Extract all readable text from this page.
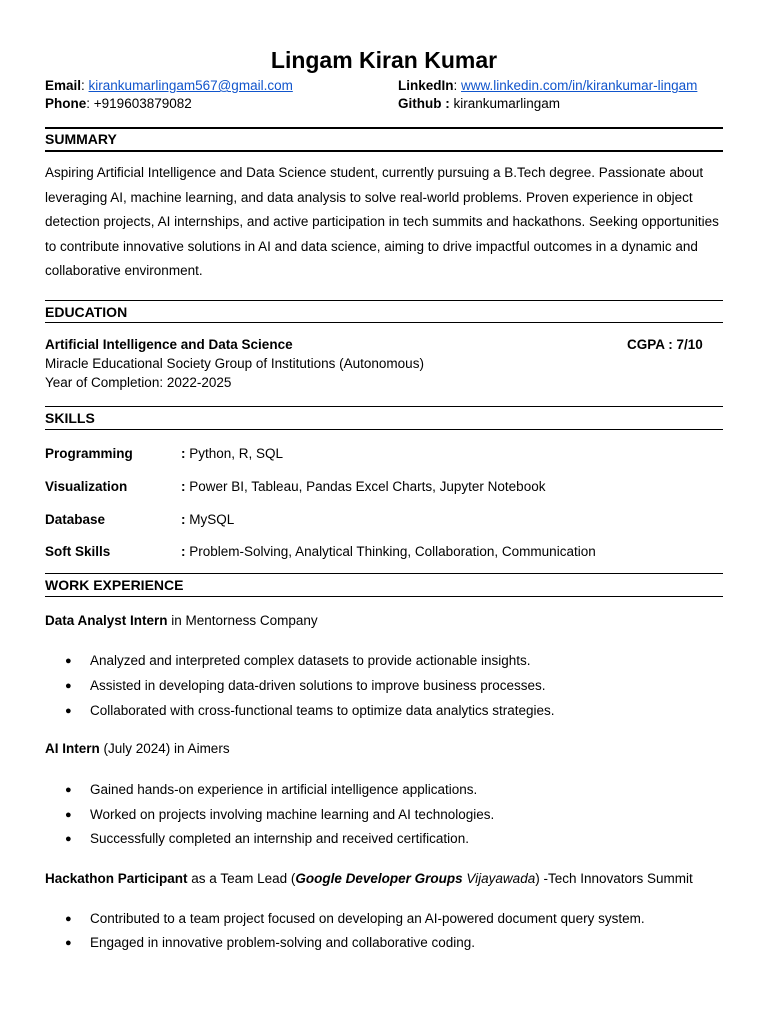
Lingam Kiran Kumar
Email: kirankumarlingam567@gmail.com
Phone: +919603879082
LinkedIn: www.linkedin.com/in/kirankumar-lingam
Github : kirankumarlingam
SUMMARY
Aspiring Artificial Intelligence and Data Science student, currently pursuing a B.Tech degree. Passionate about leveraging AI, machine learning, and data analysis to solve real-world problems. Proven experience in object detection projects, AI internships, and active participation in tech summits and hackathons. Seeking opportunities to contribute innovative solutions in AI and data science, aiming to drive impactful outcomes in a dynamic and collaborative environment.
EDUCATION
Artificial Intelligence and Data Science	CGPA : 7/10
Miracle Educational Society Group of Institutions (Autonomous)
Year of Completion: 2022-2025
SKILLS
Programming	: Python, R, SQL
Visualization	: Power BI, Tableau, Pandas Excel Charts, Jupyter Notebook
Database	: MySQL
Soft Skills	: Problem-Solving, Analytical Thinking, Collaboration, Communication
WORK EXPERIENCE
Data Analyst Intern in Mentorness Company
● Analyzed and interpreted complex datasets to provide actionable insights.
● Assisted in developing data-driven solutions to improve business processes.
● Collaborated with cross-functional teams to optimize data analytics strategies.
AI Intern (July 2024) in Aimers
● Gained hands-on experience in artificial intelligence applications.
● Worked on projects involving machine learning and AI technologies.
● Successfully completed an internship and received certification.
Hackathon Participant as a Team Lead (Google Developer Groups Vijayawada) -Tech Innovators Summit
● Contributed to a team project focused on developing an AI-powered document query system.
● Engaged in innovative problem-solving and collaborative coding.
